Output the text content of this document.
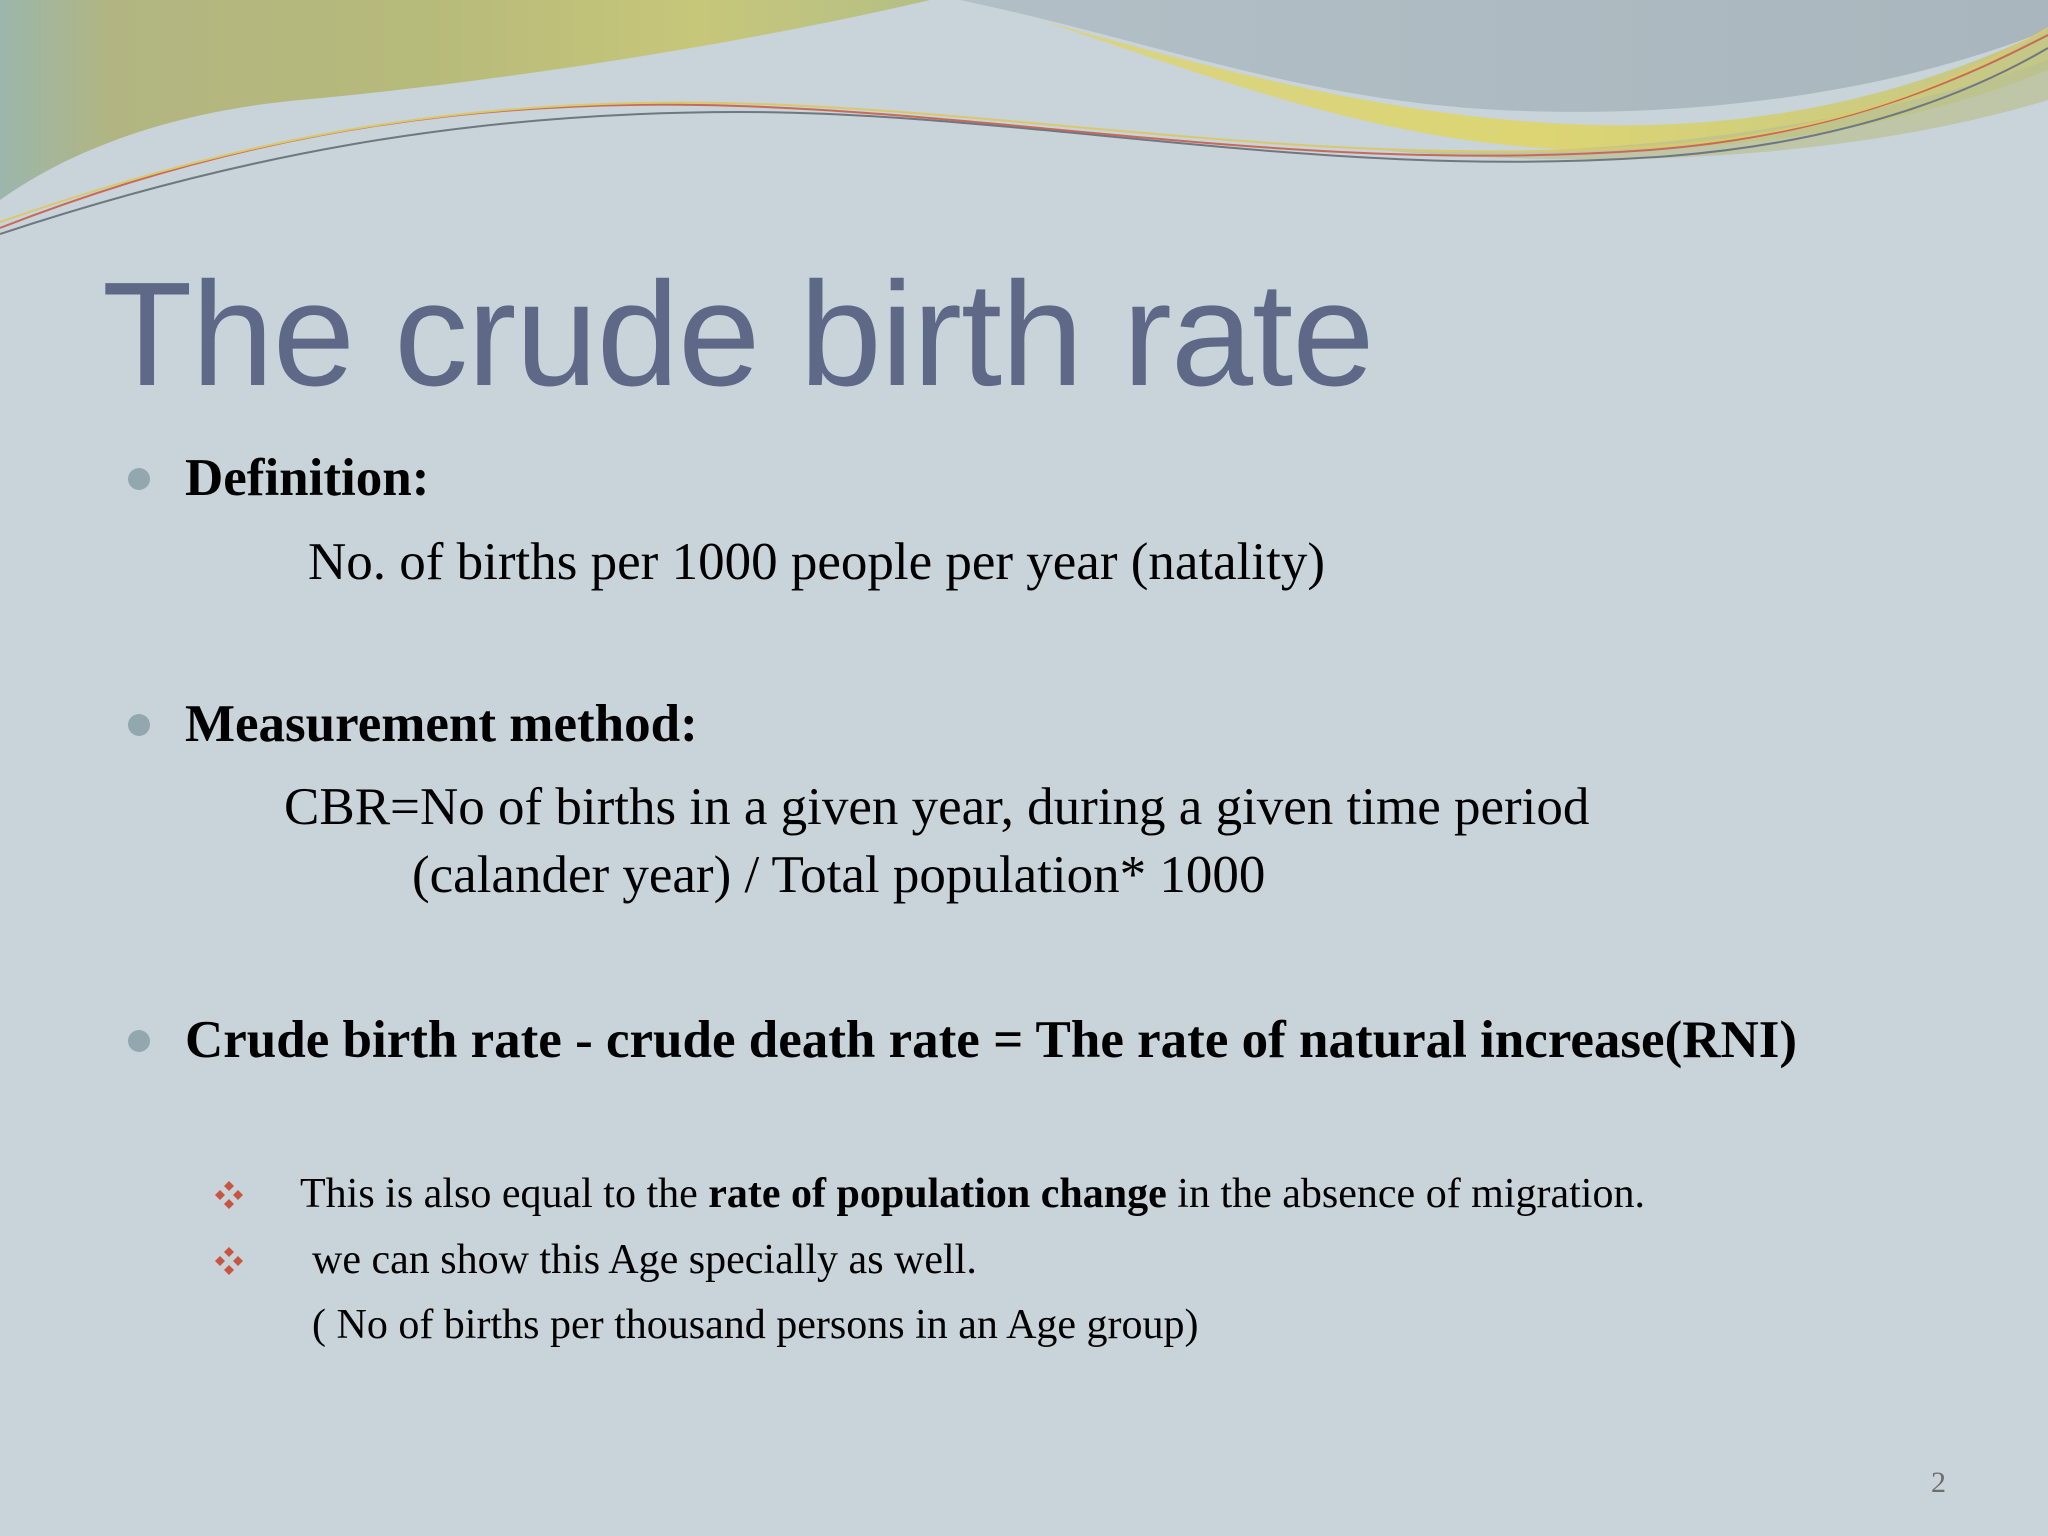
The crude birth rate
Definition:
No. of births per 1000 people per year (natality)
Measurement method:
CBR=No of births in a given year, during a given time period
(calander year) / Total population* 1000
Crude birth rate - crude death rate = The rate of natural increase(RNI)
This is also equal to the rate of population change in the absence of migration.
we can show this Age specially as well.
( No of births per thousand persons in an Age group)
2
